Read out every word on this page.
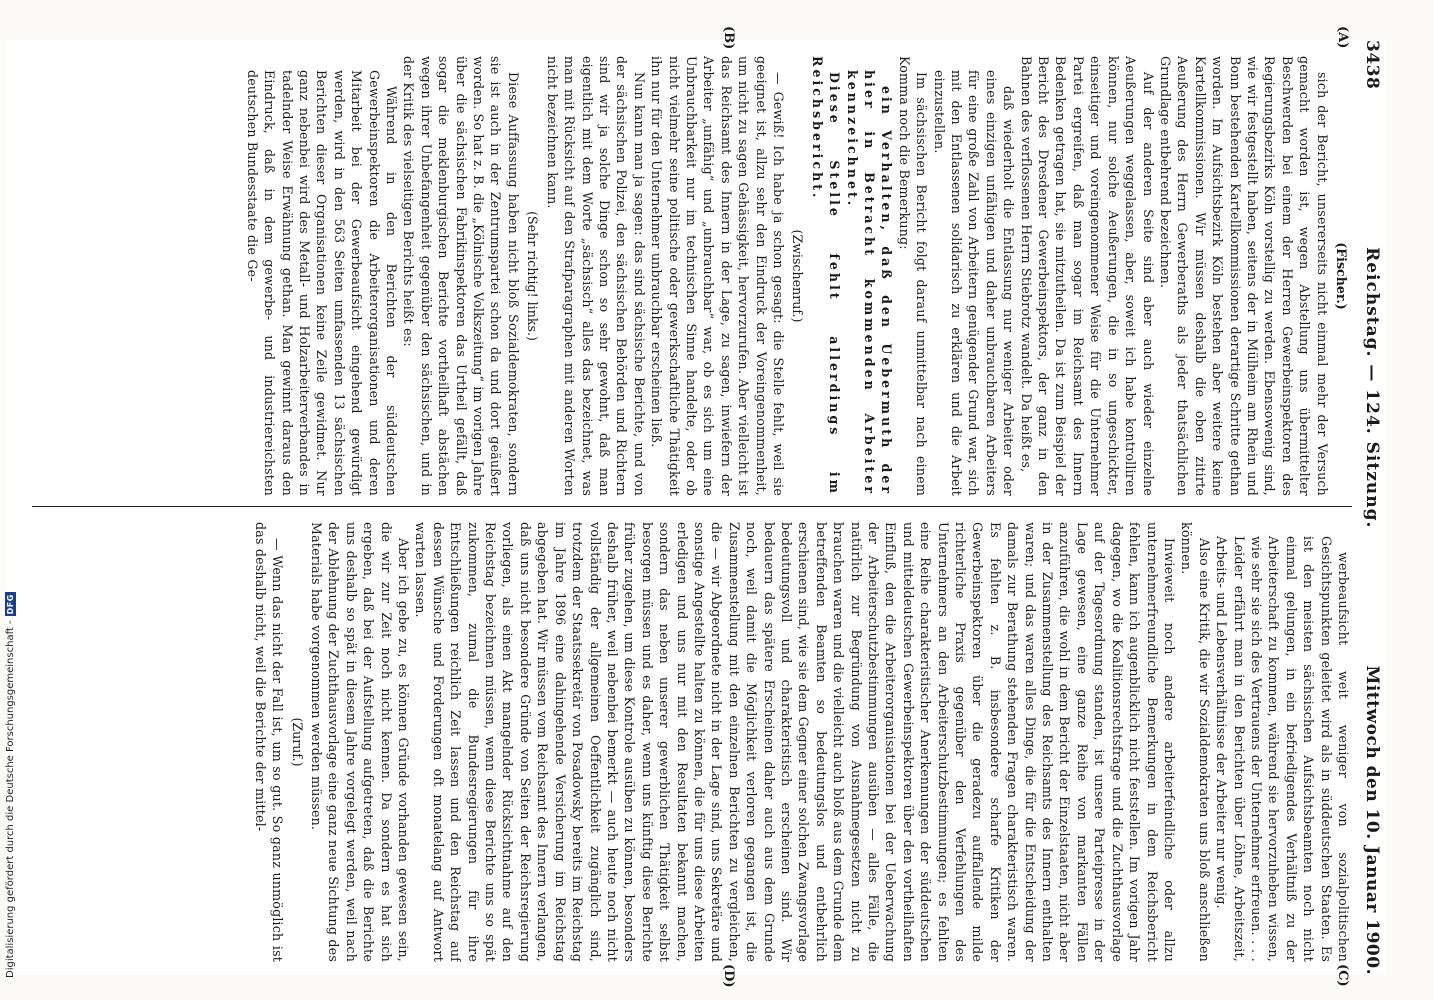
3438
Reichstag. — 124. Sitzung.
Mittwoch den 10. Januar 1900.
(A)
(B)
(C)
(D)

(Fischer.)

sich der Bericht, unsererseits nicht einmal mehr der Versuch gemacht worden ist, wegen Abstellung uns übermittelter Beschwerden bei einem der Herren Gewerbeinspektoren des Regierungsbezirks Köln vorstellig zu werden. Ebensowenig sind, wie wir festgestellt haben, seitens der in Mülheim am Rhein und Bonn bestehenden Kartellkommissionen derartige Schritte gethan worden. Im Aufsichtsbezirk Köln bestehen aber weitere keine Kartellkommissionen. Wir müssen deshalb die oben zitirte Aeußerung des Herrn Gewerberaths als jeder thatsächlichen Grundlage entbehrend bezeichnen.

Auf der anderen Seite sind aber auch wieder einzelne Aeußerungen weggelassen, aber, soweit ich habe kontrolliren können, nur solche Aeußerungen, die in so ungeschickter, einseitiger und voreingenommener Weise für die Unternehmer Partei ergreifen, daß man sogar im Reichsamt des Innern Bedenken getragen hat, sie mitzutheilen. Da ist zum Beispiel der Bericht des Dresdener Gewerbeinspektors, der ganz in den Bahnen des verflossenen Herrn Stiebrotz wandelt. Da heißt es,

daß wiederholt die Entlassung nur weniger Arbeiter oder eines einzigen unfähigen und daher unbrauchbaren Arbeiters für eine große Zahl von Arbeitern genügender Grund war, sich mit den Entlassenen solidarisch zu erklären und die Arbeit einzustellen.

Im sächsischen Bericht folgt darauf unmittelbar nach einem Komma noch die Bemerkung:

ein Verhalten, daß den Uebermuth der hier in Betracht kommenden Arbeiter kennzeichnet.

Diese Stelle fehlt allerdings im Reichsbericht.

(Zwischenruf.)

— Gewiß! Ich habe ja schon gesagt: die Stelle fehlt, weil sie geeignet ist, allzu sehr den Eindruck der Voreingenommenheit, um nicht zu sagen Gehässigkeit, hervorzurufen. Aber vielleicht ist das Reichsamt des Innern in der Lage, zu sagen, inwiefern der Arbeiter „unfähig“ und „unbrauchbar“ war, ob es sich um eine Unbrauchbarkeit nur im technischen Sinne handelte, oder ob nicht vielmehr seine politische oder gewerkschaftliche Thätigkeit ihn nur für den Unternehmer unbrauchbar erscheinen ließ.

Nun kann man ja sagen: das sind sächsische Berichte, und von der sächsischen Polizei, den sächsischen Behörden und Richtern sind wir ja solche Dinge schon so sehr gewohnt, daß man eigentlich mit dem Worte „sächsisch“ alles das bezeichnet, was man mit Rücksicht auf den Strafparagraphen mit anderen Worten nicht bezeichnen kann.

(Sehr richtig! links.)

Diese Auffassung haben nicht bloß Sozialdemokraten, sondern sie ist auch in der Zentrumspartei schon da und dort geäußert worden. So hat z. B. die „Kölnische Volkszeitung“ im vorigen Jahre über die sächsischen Fabrikinspektoren das Urtheil gefällt, daß sogar die meklenburgischen Berichte vortheilhaft abstächen wegen ihrer Unbefangenheit gegenüber den sächsischen, und in der Kritik des vielseitigen Berichts heißt es:

Während in den Berichten der süddeutschen Gewerbeinspektoren die Arbeiterorganisationen und deren Mitarbeit bei der Gewerbeaufsicht eingehend gewürdigt werden, wird in den 563 Seiten umfassenden 13 sächsischen Berichten dieser Organisationen keine Zeile gewidmet. Nur ganz nebenbei wird des Metall- und Holzarbeiterverbandes in tadelnder Weise Erwähnung gethan. Man gewinnt daraus den Eindruck, daß in dem gewerbe- und industriereichsten deutschen Bundesstaate die Ge-

werbeaufsicht weit weniger von sozialpolitischen Gesichtspunkten geleitet wird als in süddeutschen Staaten. Es ist den meisten sächsischen Aufsichtsbeamten noch nicht einmal gelungen, in ein befriedigendes Verhältniß zu der Arbeiterschaft zu kommen, während sie hervorzuheben wissen, wie sehr sie sich des Vertrauens der Unternehmer erfreuen. . . . Leider erfährt man in den Berichten über Löhne, Arbeitszeit, Arbeits- und Lebensverhältnisse der Arbeiter nur wenig.

Also eine Kritik, die wir Sozialdemokraten uns bloß anschließen können.

Inwieweit noch andere arbeiterfeindliche oder allzu unternehmerfreundliche Bemerkungen in dem Reichsbericht fehlen, kann ich augenblicklich nicht feststellen. Im vorigen Jahr dagegen, wo die Koalitionsrechtsfrage und die Zuchthausvorlage auf der Tagesordnung standen, ist unsere Parteipresse in der Lage gewesen, eine ganze Reihe von markanten Fällen anzuführen, die wohl in dem Bericht der Einzelstaaten, nicht aber in der Zusammenstellung des Reichsamts des Innern enthalten waren; und das waren alles Dinge, die für die Entscheidung der damals zur Berathung stehenden Fragen charakteristisch waren. Es fehlten z. B. insbesondere scharfe Kritiken der Gewerbeinspektoren über die geradezu auffallende milde richterliche Praxis gegenüber den Verfehlungen des Unternehmers an den Arbeiterschutzbestimmungen; es fehlten eine Reihe charakteristischer Anerkennungen der süddeutschen und mitteldeutschen Gewerbeinspektoren über den vortheilhaften Einfluß, den die Arbeiterorganisationen bei der Ueberwachung der Arbeiterschutzbestimmungen ausüben — alles Fälle, die natürlich zur Begründung von Ausnahmegesetzen nicht zu brauchen waren und die vielleicht auch bloß aus dem Grunde dem betreffenden Beamten so bedeutungslos und entbehrlich erschienen sind, wie sie dem Gegner einer solchen Zwangsvorlage bedeutungsvoll und charakteristisch erscheinen sind. Wir bedauern das spätere Erscheinen daher auch aus dem Grunde noch, weil damit die Möglichkeit verloren gegangen ist, die Zusammenstellung mit den einzelnen Berichten zu vergleichen, die — wir Abgeordnete nicht in der Lage sind, uns Sekretäre und sonstige Angestellte halten zu können, die für uns diese Arbeiten erledigen und uns nur mit den Resultaten bekannt machen, sondern das neben unserer gewerblichen Thätigkeit selbst besorgen müssen und es daher, wenn uns künftig diese Berichte früher zugehen, um diese Kontrole ausüben zu können, besonders deshalb früher, weil nebenbei bemerkt — auch heute noch nicht vollständig der allgemeinen Oeffentlichkeit zugänglich sind, trotzdem der Staatssekretär von Posadowsky bereits im Reichstag im Jahre 1896 eine dahingehende Versicherung im Reichstag abgegeben hat. Wir müssen vom Reichsamt des Innern verlangen, daß uns nicht besondere Gründe von Seiten der Reichsregierung vorliegen, als einen Akt mangelnder Rücksichtnahme auf den Reichstag bezeichnen müssen, wenn diese Berichte uns so spät zukommen, zumal die Bundesregierungen für ihre Entschließungen reichlich Zeit lassen und den Reichstag auf dessen Wünsche und Forderungen oft monatelang auf Antwort warten lassen.

Aber ich gebe zu, es können Gründe vorhanden gewesen sein, die wir zur Zeit noch nicht kennen. Da sondern es hat sich ergeben, daß bei der Aufstellung aufgetreten, daß die Berichte uns deshalb so spät in diesem Jahre vorgelegt werden, weil nach der Ablehnung der Zuchthausvorlage eine ganz neue Sichtung des Materials habe vorgenommen werden müssen.

(Zuruf.)

— Wenn das nicht der Fall ist, um so gut. So ganz unmöglich ist das deshalb nicht, weil die Berichte der mittel-

Digitalisierung gefördert durch die Deutsche Forschungsgemeinschaft -
DFG
